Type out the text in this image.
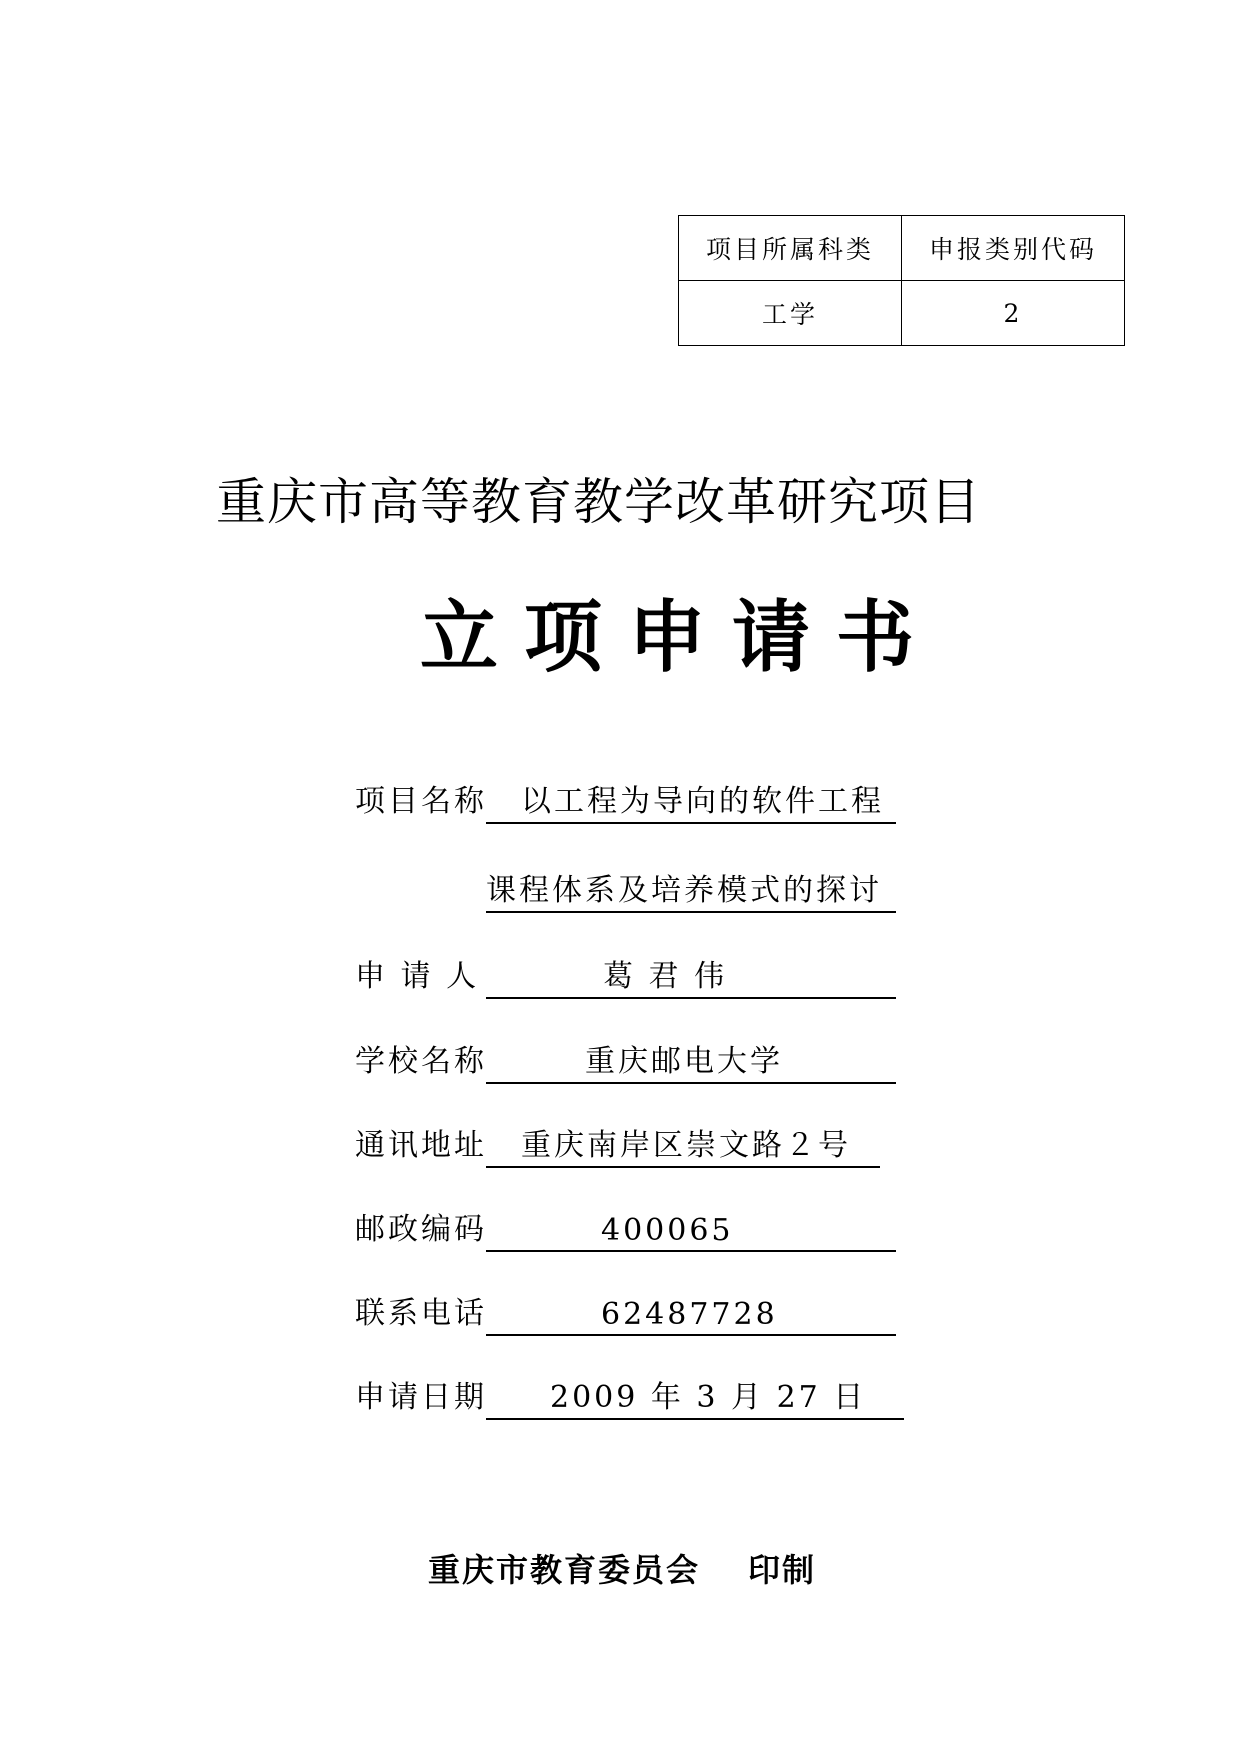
项目所属科类	申报类别代码
工学	2
重庆市高等教育教学改革研究项目
立项申请书
项目名称 以工程为导向的软件工程
课程体系及培养模式的探讨
申 请 人	葛 君 伟
学校名称	重庆邮电大学
通讯地址 重庆南岸区崇文路２号
邮政编码	400065
联系电话	62487728
申请日期 2009 年 3 月 27 日
重庆市教育委员会 印制
